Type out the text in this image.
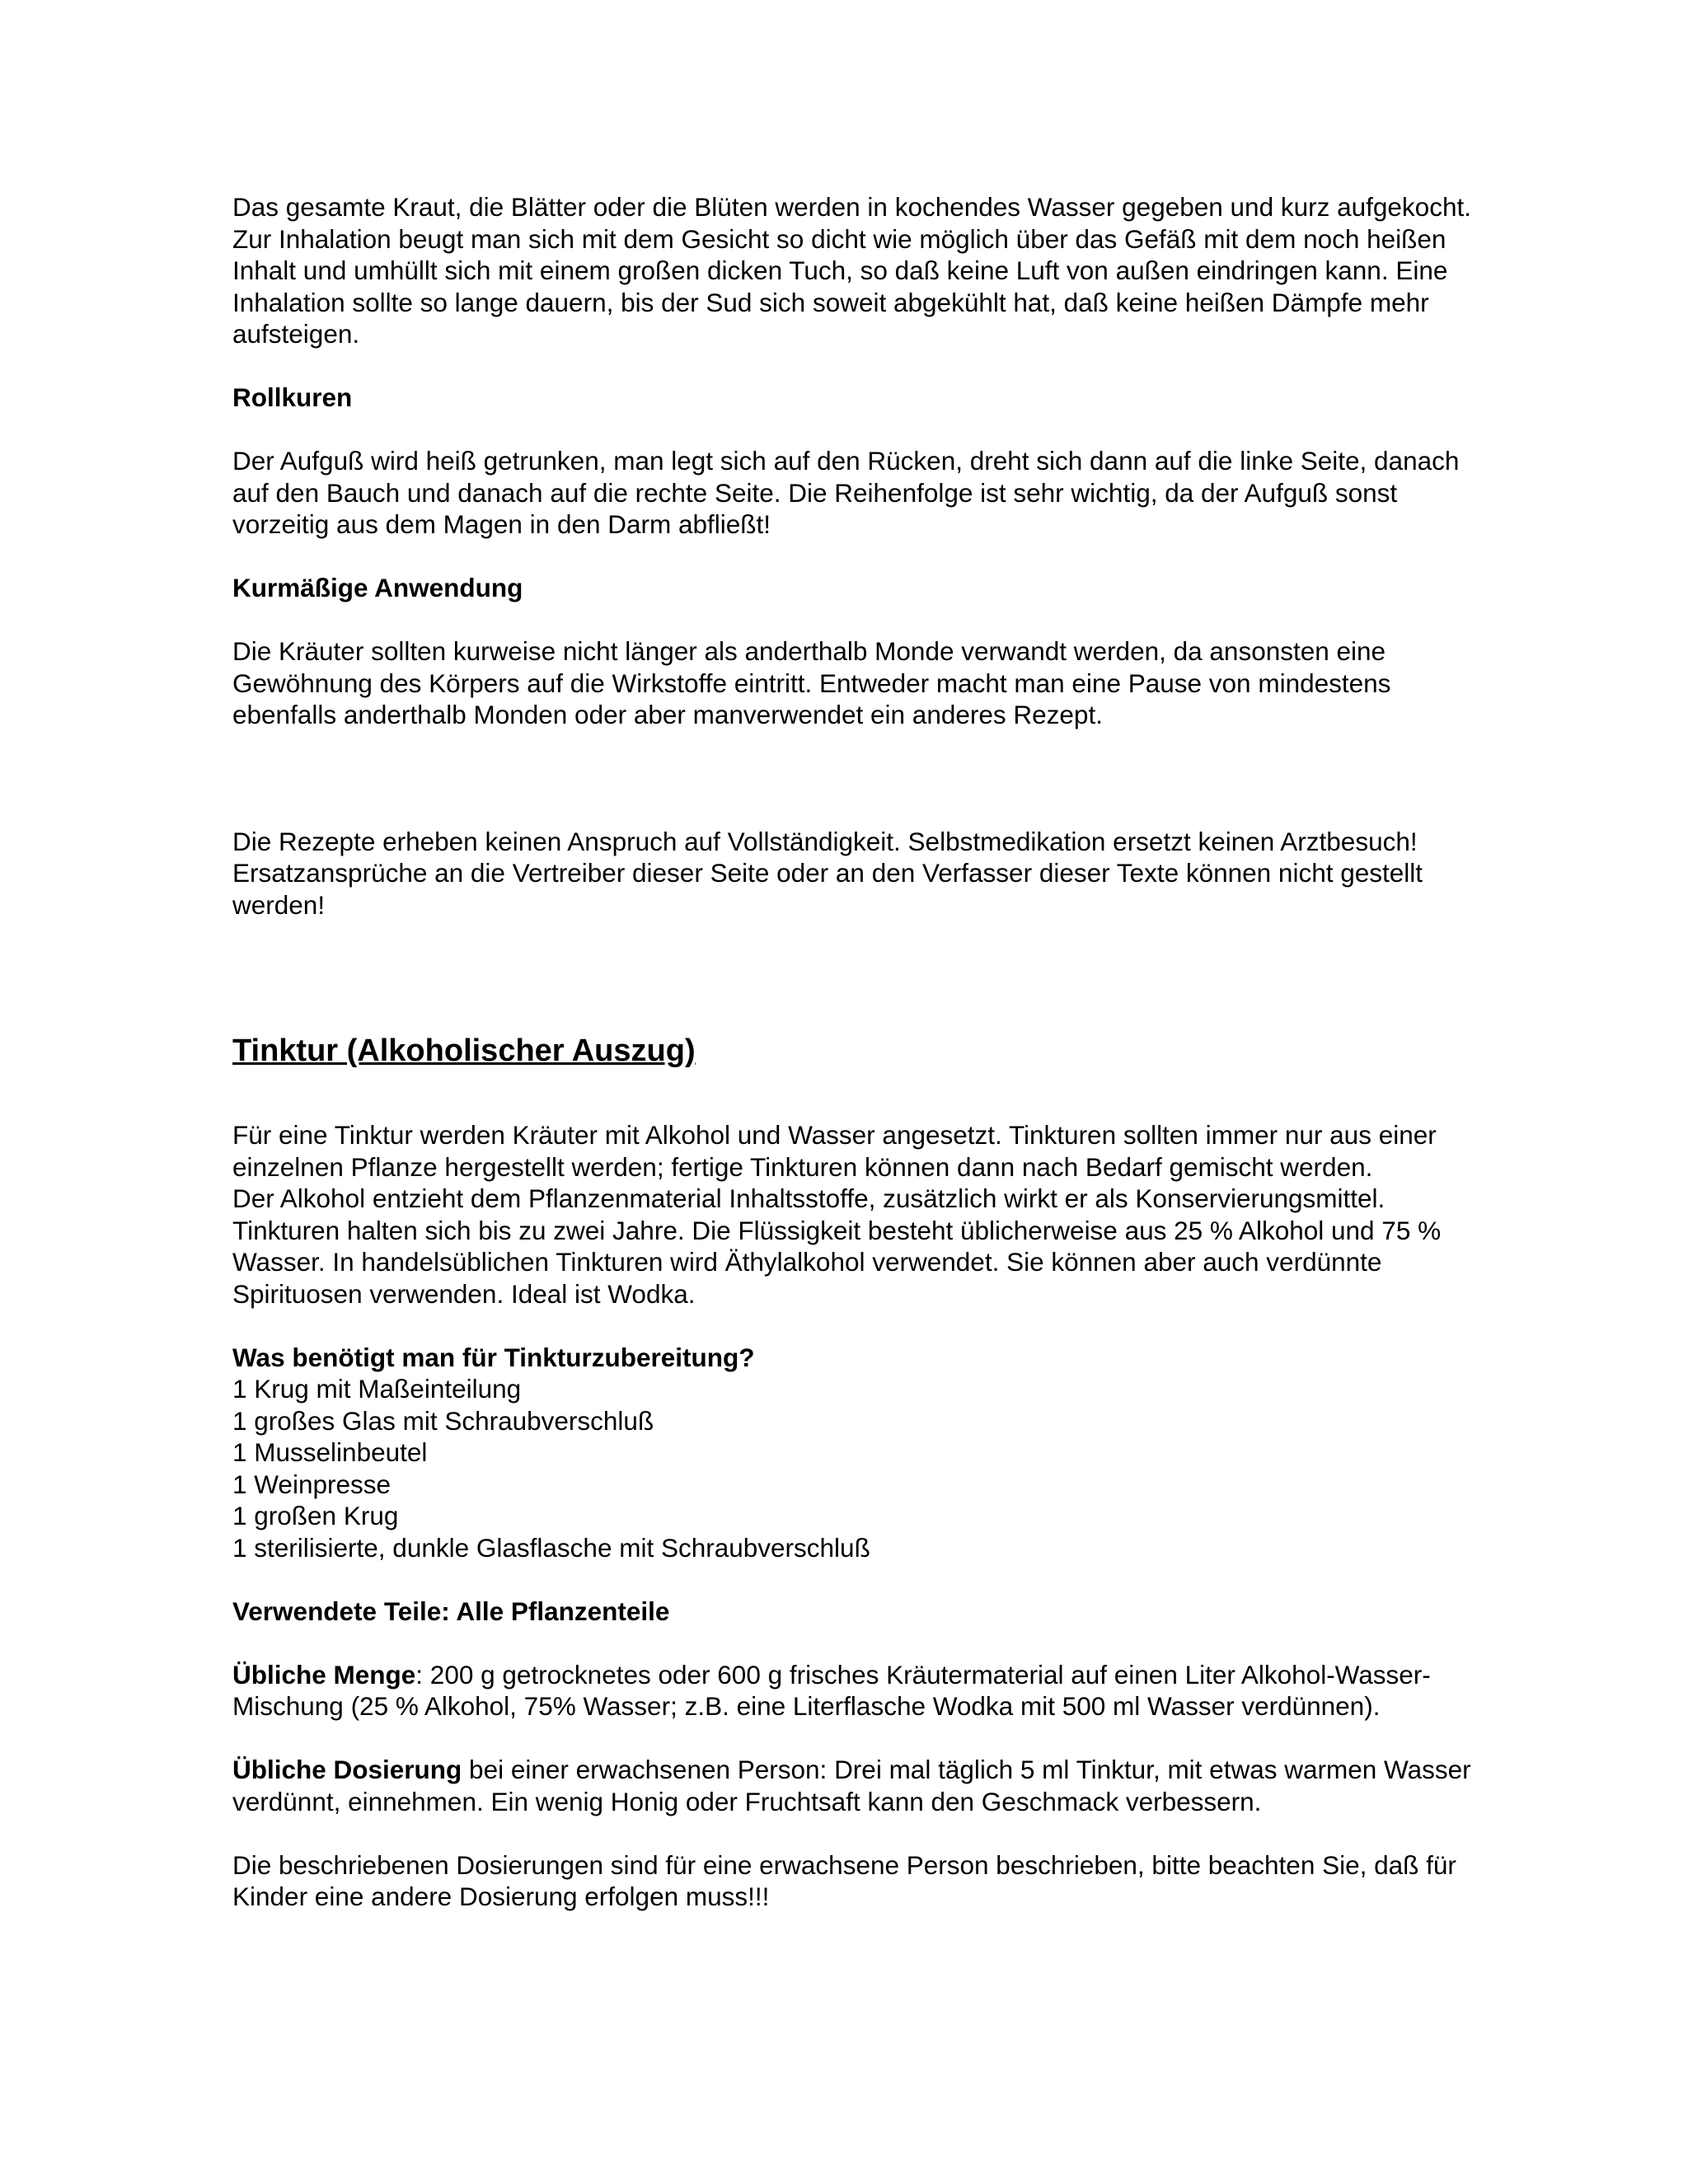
Das gesamte Kraut, die Blätter oder die Blüten werden in kochendes Wasser gegeben und kurz aufgekocht. Zur Inhalation beugt man sich mit dem Gesicht so dicht wie möglich über das Gefäß mit dem noch heißen Inhalt und umhüllt sich mit einem großen dicken Tuch, so daß keine Luft von außen eindringen kann. Eine Inhalation sollte so lange dauern, bis der Sud sich soweit abgekühlt hat, daß keine heißen Dämpfe mehr aufsteigen.

Rollkuren

Der Aufguß wird heiß getrunken, man legt sich auf den Rücken, dreht sich dann auf die linke Seite, danach auf den Bauch und danach auf die rechte Seite. Die Reihenfolge ist sehr wichtig, da der Aufguß sonst vorzeitig aus dem Magen in den Darm abfließt!

Kurmäßige Anwendung

Die Kräuter sollten kurweise nicht länger als anderthalb Monde verwandt werden, da ansonsten eine Gewöhnung des Körpers auf die Wirkstoffe eintritt. Entweder macht man eine Pause von mindestens ebenfalls anderthalb Monden oder aber manverwendet ein anderes Rezept.

Die Rezepte erheben keinen Anspruch auf Vollständigkeit. Selbstmedikation ersetzt keinen Arztbesuch! Ersatzansprüche an die Vertreiber dieser Seite oder an den Verfasser dieser Texte können nicht gestellt werden!

Tinktur (Alkoholischer Auszug)

Für eine Tinktur werden Kräuter mit Alkohol und Wasser angesetzt. Tinkturen sollten immer nur aus einer einzelnen Pflanze hergestellt werden; fertige Tinkturen können dann nach Bedarf gemischt werden.

Der Alkohol entzieht dem Pflanzenmaterial Inhaltsstoffe, zusätzlich wirkt er als Konservierungsmittel. Tinkturen halten sich bis zu zwei Jahre. Die Flüssigkeit besteht üblicherweise aus 25 % Alkohol und 75 % Wasser. In handelsüblichen Tinkturen wird Äthylalkohol verwendet. Sie können aber auch verdünnte Spirituosen verwenden. Ideal ist Wodka.

Was benötigt man für Tinkturzubereitung?

1 Krug mit Maßeinteilung

1 großes Glas mit Schraubverschluß

1 Musselinbeutel

1 Weinpresse

1 großen Krug

1 sterilisierte, dunkle Glasflasche mit Schraubverschluß

Verwendete Teile: Alle Pflanzenteile

Übliche Menge: 200 g getrocknetes oder 600 g frisches Kräutermaterial auf einen Liter Alkohol-Wasser-Mischung (25 % Alkohol, 75% Wasser; z.B. eine Literflasche Wodka mit 500 ml Wasser verdünnen).

Übliche Dosierung bei einer erwachsenen Person: Drei mal täglich 5 ml Tinktur, mit etwas warmen Wasser verdünnt, einnehmen. Ein wenig Honig oder Fruchtsaft kann den Geschmack verbessern.

Die beschriebenen Dosierungen sind für eine erwachsene Person beschrieben, bitte beachten Sie, daß für Kinder eine andere Dosierung erfolgen muss!!!
